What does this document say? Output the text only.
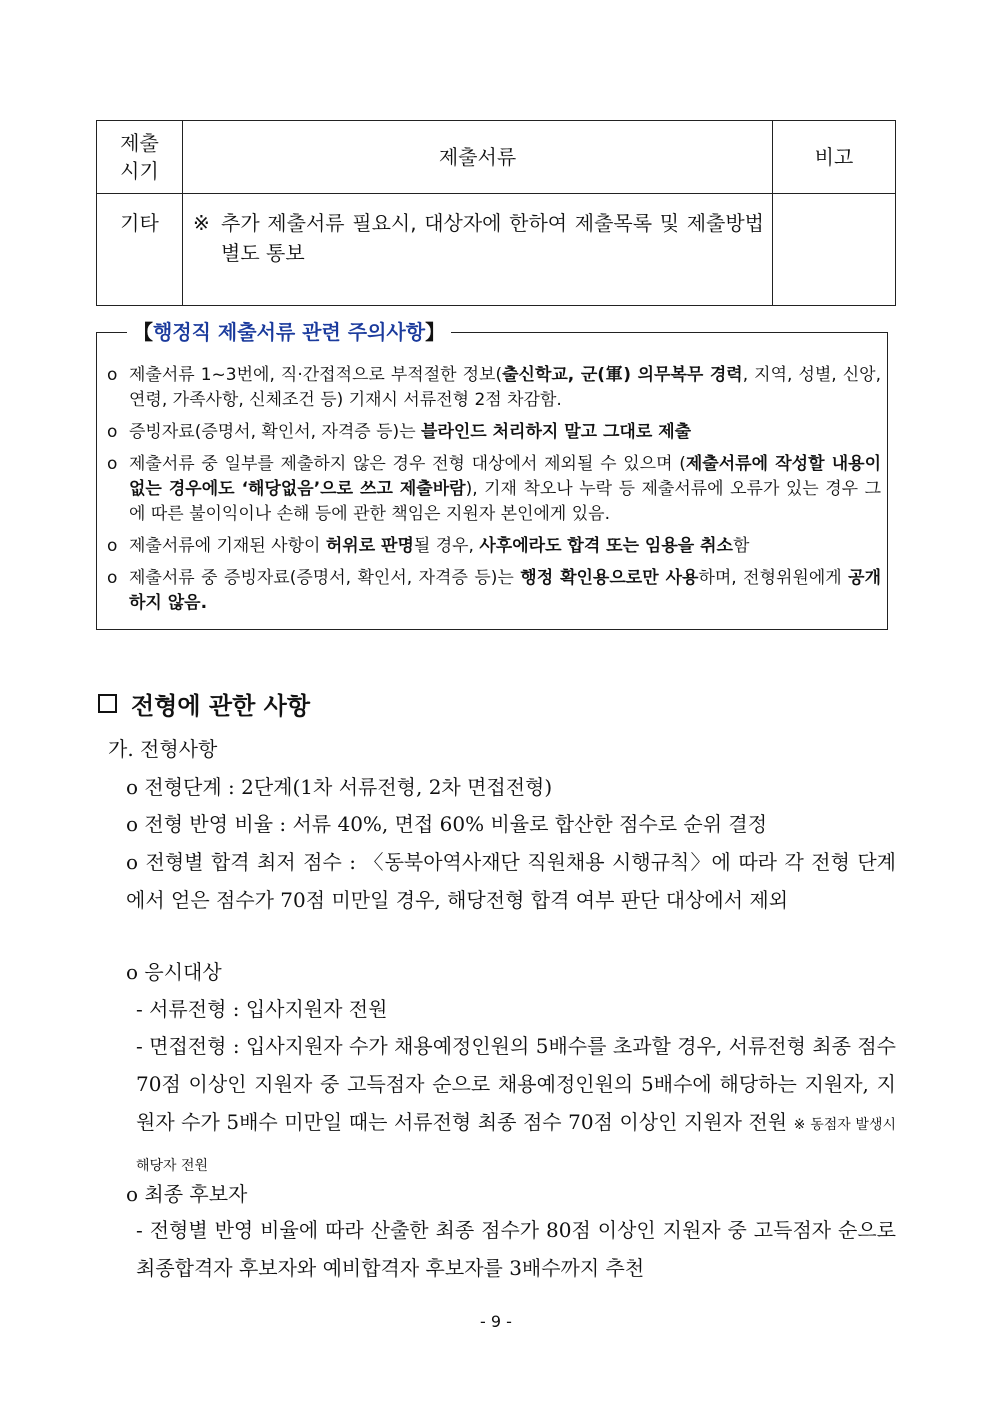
제출
시기	제출서류	비고
기타	※ 추가 제출서류 필요시, 대상자에 한하여 제출목록 및 제출방법 별도 통보	

【행정직 제출서류 관련 주의사항】
o 제출서류 1~3번에, 직·간접적으로 부적절한 정보(출신학교, 군(軍) 의무복무 경력, 지역, 성별, 신앙, 연령, 가족사항, 신체조건 등) 기재시 서류전형 2점 차감함.
o 증빙자료(증명서, 확인서, 자격증 등)는 블라인드 처리하지 말고 그대로 제출
o 제출서류 중 일부를 제출하지 않은 경우 전형 대상에서 제외될 수 있으며 (제출서류에 작성할 내용이 없는 경우에도 ‘해당없음’으로 쓰고 제출바람), 기재 착오나 누락 등 제출서류에 오류가 있는 경우 그에 따른 불이익이나 손해 등에 관한 책임은 지원자 본인에게 있음.
o 제출서류에 기재된 사항이 허위로 판명될 경우, 사후에라도 합격 또는 임용을 취소함
o 제출서류 중 증빙자료(증명서, 확인서, 자격증 등)는 행정 확인용으로만 사용하며, 전형위원에게 공개하지 않음.
전형에 관한 사항
가. 전형사항
o 전형단계 : 2단계(1차 서류전형, 2차 면접전형)
o 전형 반영 비율 : 서류 40%, 면접 60% 비율로 합산한 점수로 순위 결정
o 전형별 합격 최저 점수 : 〈동북아역사재단 직원채용 시행규칙〉에 따라 각 전형 단계에서 얻은 점수가 70점 미만일 경우, 해당전형 합격 여부 판단 대상에서 제외
o 응시대상
- 서류전형 : 입사지원자 전원
- 면접전형 : 입사지원자 수가 채용예정인원의 5배수를 초과할 경우, 서류전형 최종 점수 70점 이상인 지원자 중 고득점자 순으로 채용예정인원의 5배수에 해당하는 지원자, 지원자 수가 5배수 미만일 때는 서류전형 최종 점수 70점 이상인 지원자 전원 ※ 동점자 발생시 해당자 전원
o 최종 후보자
- 전형별 반영 비율에 따라 산출한 최종 점수가 80점 이상인 지원자 중 고득점자 순으로 최종합격자 후보자와 예비합격자 후보자를 3배수까지 추천
- 9 -
